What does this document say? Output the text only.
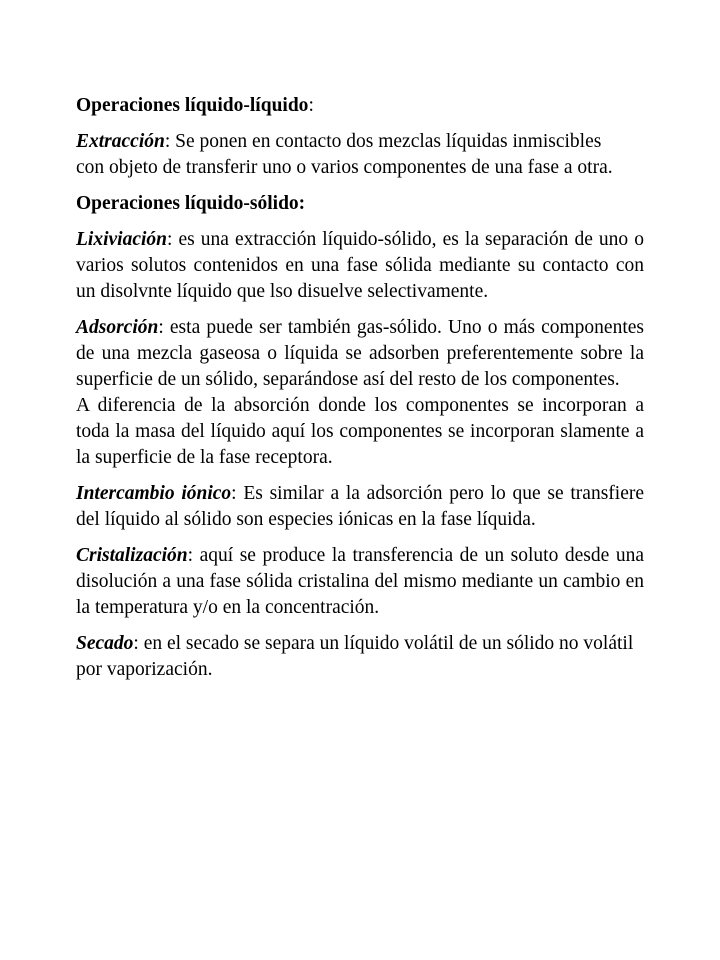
Operaciones líquido-líquido:

Extracción: Se ponen en contacto dos mezclas líquidas inmiscibles con objeto de transferir uno o varios componentes de una fase a otra.

Operaciones líquido-sólido:

Lixiviación: es una extracción líquido-sólido, es la separación de uno o varios solutos contenidos en una fase sólida mediante su contacto con un disolvnte líquido que lso disuelve selectivamente.

Adsorción: esta puede ser también gas-sólido. Uno o más componentes de una mezcla gaseosa o líquida se adsorben preferentemente sobre la superficie de un sólido, separándose así del resto de los componentes.

A diferencia de la absorción donde los componentes se incorporan a toda la masa del líquido aquí los componentes se incorporan slamente a la superficie de la fase receptora.

Intercambio iónico: Es similar a la adsorción pero lo que se transfiere del líquido al sólido son especies iónicas en la fase líquida.

Cristalización: aquí se produce la transferencia de un soluto desde una disolución a una fase sólida cristalina del mismo mediante un cambio en la temperatura y/o en la concentración.

Secado: en el secado se separa un líquido volátil de un sólido no volátil por vaporización.
